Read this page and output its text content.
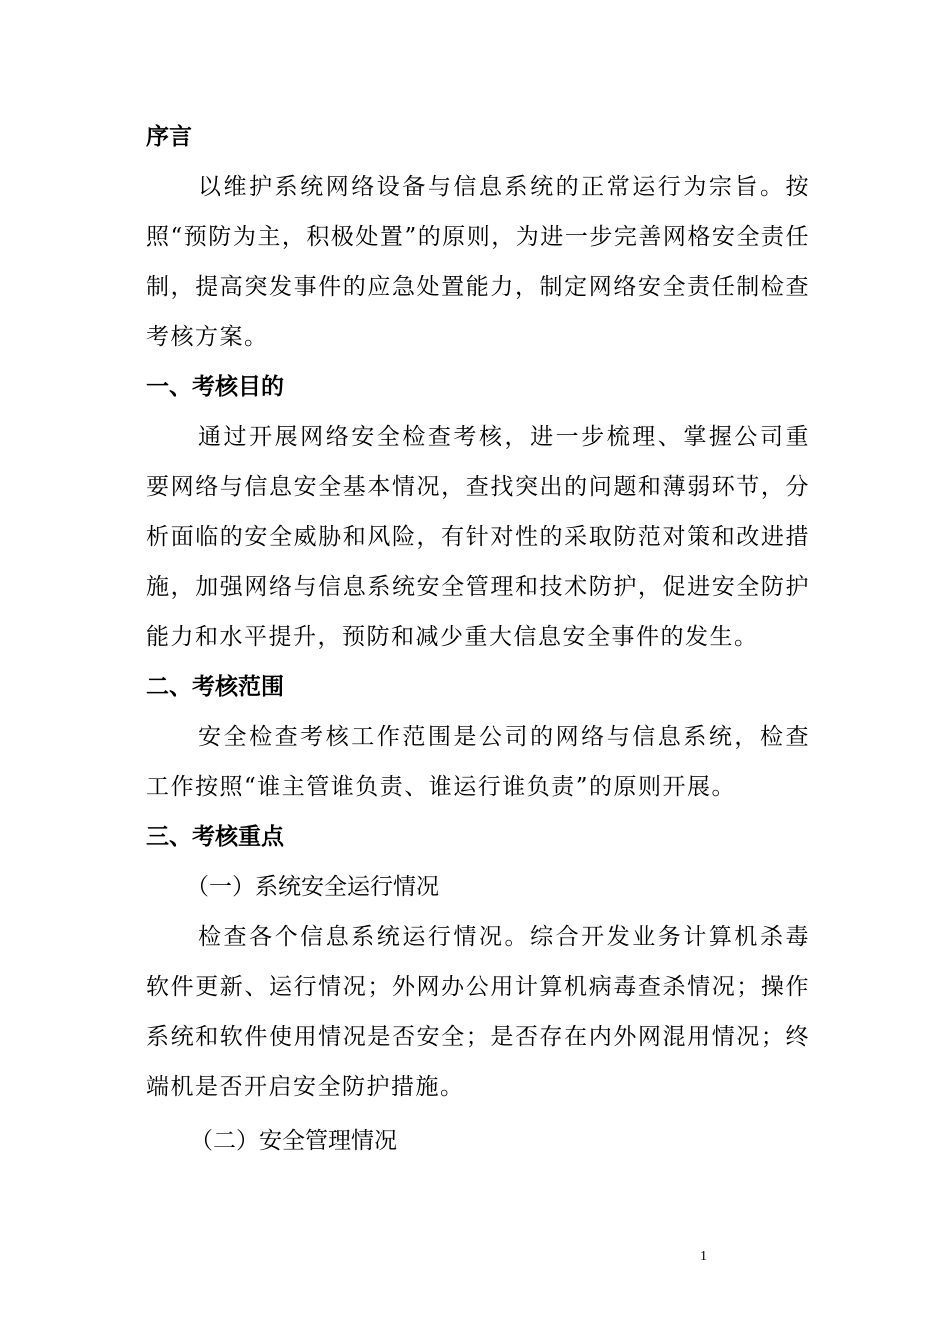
序言

以维护系统网络设备与信息系统的正常运行为宗旨。按照“预防为主，积极处置”的原则，为进一步完善网格安全责任制，提高突发事件的应急处置能力，制定网络安全责任制检查考核方案。

一、考核目的

通过开展网络安全检查考核，进一步梳理、掌握公司重要网络与信息安全基本情况，查找突出的问题和薄弱环节，分析面临的安全威胁和风险，有针对性的采取防范对策和改进措施，加强网络与信息系统安全管理和技术防护，促进安全防护能力和水平提升，预防和减少重大信息安全事件的发生。

二、考核范围

安全检查考核工作范围是公司的网络与信息系统，检查工作按照“谁主管谁负责、谁运行谁负责”的原则开展。

三、考核重点
（一）系统安全运行情况

检查各个信息系统运行情况。综合开发业务计算机杀毒软件更新、运行情况；外网办公用计算机病毒查杀情况；操作系统和软件使用情况是否安全；是否存在内外网混用情况；终端机是否开启安全防护措施。

（二）安全管理情况
1
